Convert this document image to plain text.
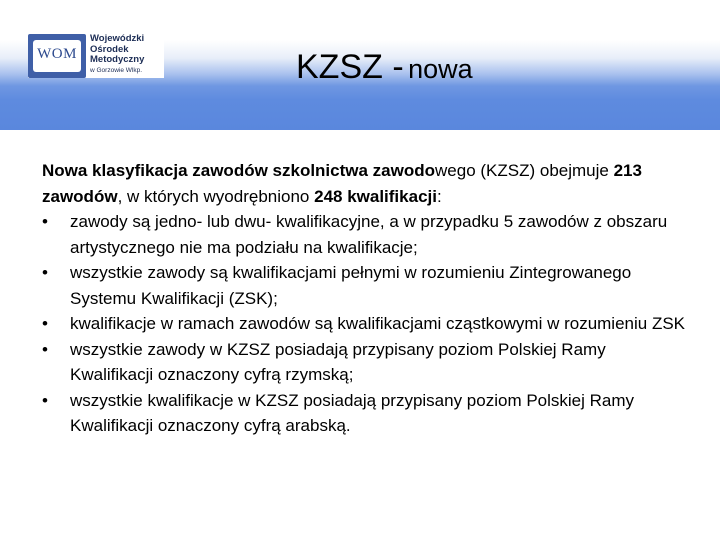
WOM
Wojewódzki
Ośrodek
Metodyczny
w Gorzowie Wlkp.	KZSZ - nowa

Nowa klasyfikacja zawodów szkolnictwa zawodowego (KZSZ) obejmuje 213 zawodów, w których wyodrębniono 248 kwalifikacji:

• zawody są jedno- lub dwu- kwalifikacyjne, a w przypadku 5 zawodów z obszaru artystycznego nie ma podziału na kwalifikacje;
• wszystkie zawody są kwalifikacjami pełnymi w rozumieniu Zintegrowanego Systemu Kwalifikacji (ZSK);
• kwalifikacje w ramach zawodów są kwalifikacjami cząstkowymi w rozumieniu ZSK
• wszystkie zawody w KZSZ posiadają przypisany poziom Polskiej Ramy Kwalifikacji oznaczony cyfrą rzymską;
• wszystkie kwalifikacje w KZSZ posiadają przypisany poziom Polskiej Ramy Kwalifikacji oznaczony cyfrą arabską.
